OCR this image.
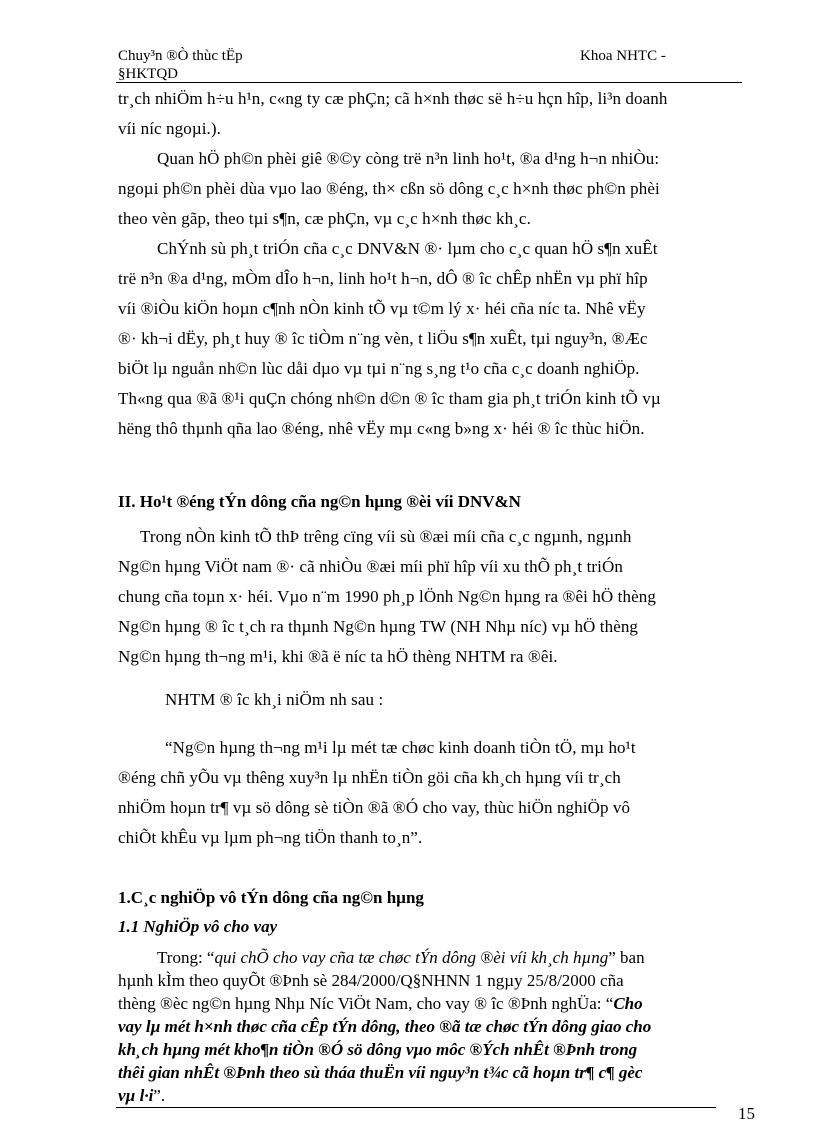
Chuy³n ®Ò thùc tËp
§HKTQD
Khoa NHTC -
tr¸ch nhiÖm h÷u h¹n, c«ng ty cæ phÇn; cã h×nh thøc së h÷u hçn hîp, li³n doanh
víi níc ngoµi.).
Quan hÖ ph©n phèi giê ®©y còng trë n³n linh ho¹t, ®a d¹ng h¬n nhiÒu:
ngoµi ph©n phèi dùa vµo lao ®éng, th× cßn sö dông c¸c h×nh thøc ph©n phèi
theo vèn gãp, theo tµi s¶n, cæ phÇn, vµ c¸c h×nh thøc kh¸c.
ChÝnh sù ph¸t triÓn cña c¸c DNV&N ®· lµm cho c¸c quan hÖ s¶n xuÊt
trë n³n ®a d¹ng, mÒm dÎo h¬n, linh ho¹t h¬n, dÔ ® îc chÊp nhËn vµ phï hîp
víi ®iÒu kiÖn hoµn c¶nh nÒn kinh tÕ vµ t©m lý x· héi cña níc ta. Nhê vËy
®· kh¬i dËy, ph¸t huy ® îc tiÒm n¨ng vèn, t liÖu s¶n xuÊt, tµi nguy³n, ®Æc
biÖt lµ nguån nh©n lùc dåi dµo vµ tµi n¨ng s¸ng t¹o cña c¸c doanh nghiÖp.
Th«ng qua ®ã ®¹i quÇn chóng nh©n d©n ® îc tham gia ph¸t triÓn kinh tÕ vµ
hëng thô thµnh qña lao ®éng, nhê vËy mµ c«ng b»ng x· héi ® îc thùc hiÖn.
II. Ho¹t ®éng tÝn dông cña ng©n hµng ®èi víi DNV&N
Trong nÒn kinh tÕ thÞ trêng cïng víi sù ®æi míi cña c¸c ngµnh, ngµnh
Ng©n hµng ViÖt nam ®· cã nhiÒu ®æi míi phï hîp víi xu thÕ ph¸t triÓn
chung cña toµn x· héi. Vµo n¨m 1990 ph¸p lÖnh Ng©n hµng ra ®êi hÖ thèng
Ng©n hµng ® îc t¸ch ra thµnh Ng©n hµng TW (NH Nhµ níc) vµ hÖ thèng
Ng©n hµng th¬ng m¹i, khi ®ã ë níc ta hÖ thèng NHTM ra ®êi.
NHTM ® îc kh¸i niÖm nh sau :
“Ng©n hµng th¬ng m¹i lµ mét tæ chøc kinh doanh tiÒn tÖ, mµ ho¹t
®éng chñ yÕu vµ thêng xuy³n lµ nhËn tiÒn göi cña kh¸ch hµng víi tr¸ch
nhiÖm hoµn tr¶ vµ sö dông sè tiÒn ®ã ®Ó cho vay, thùc hiÖn nghiÖp vô
chiÕt khÊu vµ lµm ph¬ng tiÖn thanh to¸n”.
1.C¸c nghiÖp vô tÝn dông cña ng©n hµng
1.1 NghiÖp vô cho vay
Trong: “qui chÕ cho vay cña tæ chøc tÝn dông ®èi víi kh¸ch hµng” ban
hµnh kÌm theo quyÕt ®Þnh sè 284/2000/Q§NHNN 1 ngµy 25/8/2000 cña
thèng ®èc ng©n hµng Nhµ Níc ViÖt Nam, cho vay ® îc ®Þnh nghÜa: “Cho
vay lµ mét h×nh thøc cña cÊp tÝn dông, theo ®ã tæ chøc tÝn dông giao cho
kh¸ch hµng mét kho¶n tiÒn ®Ó sö dông vµo môc ®Ých nhÊt ®Þnh trong
thêi gian nhÊt ®Þnh theo sù tháa thuËn víi nguy³n t¾c cã hoµn tr¶ c¶ gèc
vµ l·i”.
15
